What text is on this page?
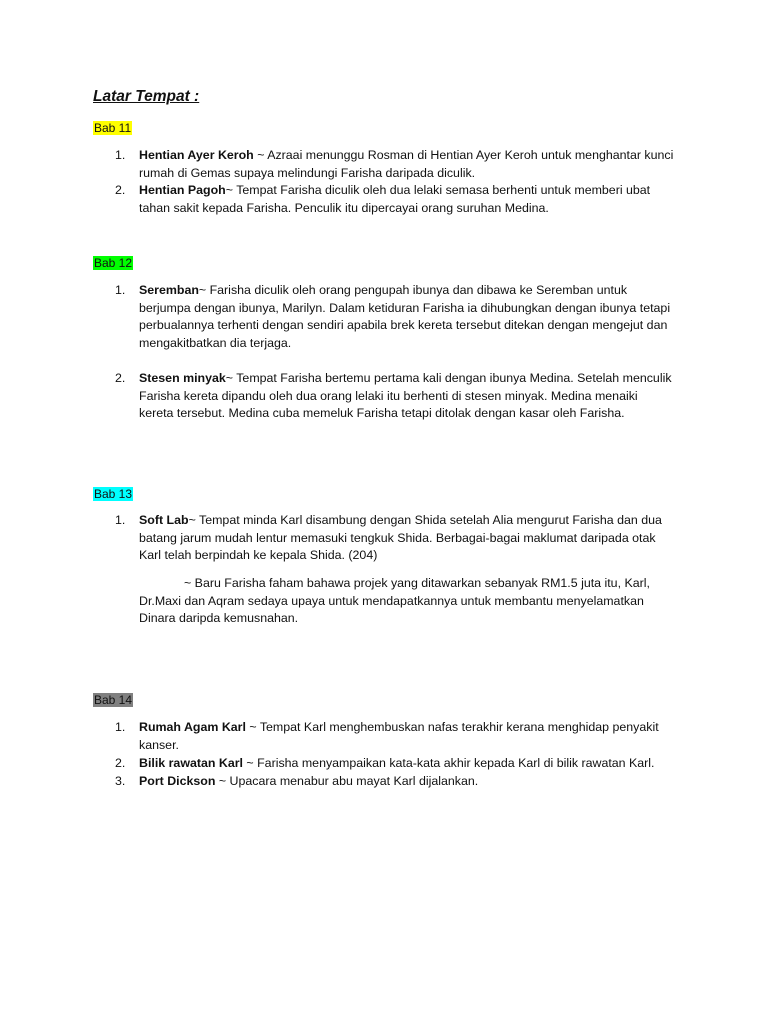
Latar Tempat :
Bab 11
1.	Hentian Ayer Keroh ~ Azraai menunggu Rosman di Hentian Ayer Keroh untuk menghantar kunci rumah di Gemas supaya melindungi Farisha daripada diculik.
2.	Hentian Pagoh~ Tempat Farisha diculik oleh dua lelaki semasa berhenti untuk memberi ubat tahan sakit kepada Farisha. Penculik itu dipercayai orang suruhan Medina.
Bab 12
1.	Seremban~ Farisha diculik oleh orang pengupah ibunya dan dibawa ke Seremban untuk berjumpa dengan ibunya, Marilyn. Dalam ketiduran Farisha ia dihubungkan dengan ibunya tetapi perbualannya terhenti dengan sendiri apabila brek kereta tersebut ditekan dengan mengejut dan mengakitbatkan dia terjaga.
2.	Stesen minyak~ Tempat Farisha bertemu pertama kali dengan ibunya Medina. Setelah menculik Farisha kereta dipandu oleh dua orang lelaki itu berhenti di stesen minyak. Medina menaiki kereta tersebut. Medina cuba memeluk Farisha tetapi ditolak dengan kasar oleh Farisha.
Bab 13
1.	Soft Lab~ Tempat minda Karl disambung dengan Shida setelah Alia mengurut Farisha dan dua batang jarum mudah lentur memasuki tengkuk Shida. Berbagai-bagai maklumat daripada otak Karl telah berpindah ke kepala Shida. (204)
~ Baru Farisha faham bahawa projek yang ditawarkan sebanyak RM1.5 juta itu, Karl, Dr.Maxi dan Aqram sedaya upaya untuk mendapatkannya untuk membantu menyelamatkan Dinara daripda kemusnahan.
Bab 14
1.	Rumah Agam Karl ~ Tempat Karl menghembuskan nafas terakhir kerana menghidap penyakit kanser.
2.	Bilik rawatan Karl ~ Farisha menyampaikan kata-kata akhir kepada Karl di bilik rawatan Karl.
3.	Port Dickson ~ Upacara menabur abu mayat Karl dijalankan.
